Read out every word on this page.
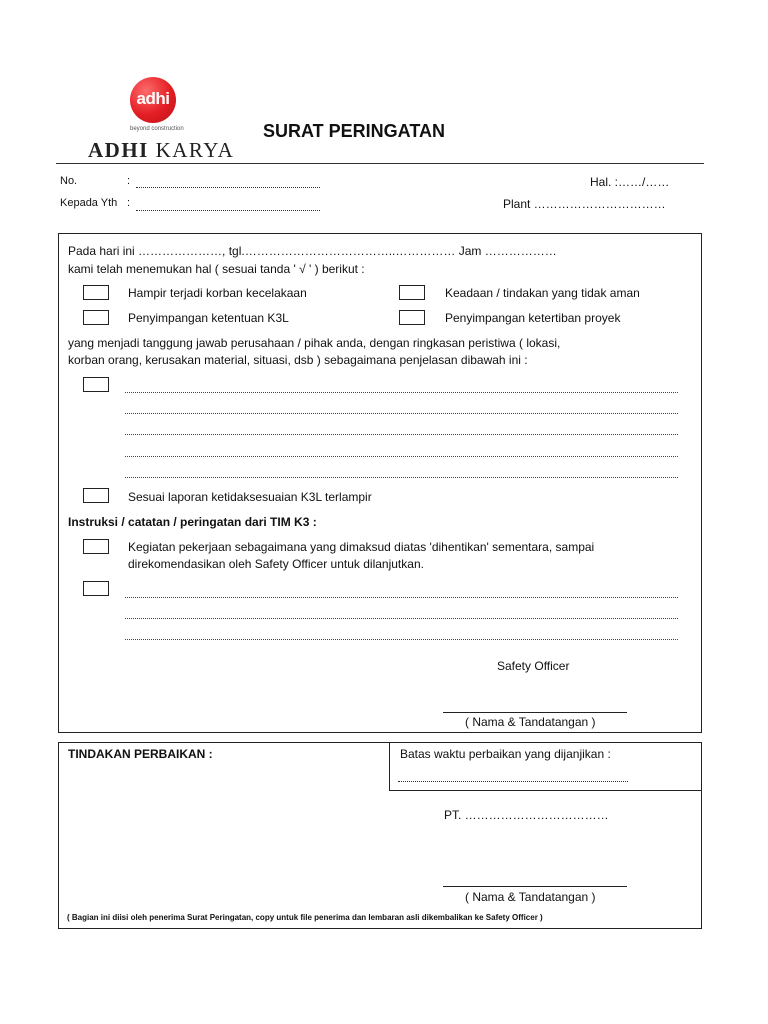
adhi
beyond construction
ADHI KARYA
SURAT PERINGATAN
No.	:
Kepada Yth :
Hal. :……/……
Plant ……………………………
Pada hari ini …………………, tgl.………………………………..…………… Jam ………………
kami telah menemukan hal ( sesuai tanda ' √ ' ) berikut :
Hampir terjadi korban kecelakaan	Keadaan / tindakan yang tidak aman
Penyimpangan ketentuan K3L	Penyimpangan ketertiban proyek
yang menjadi tanggung jawab perusahaan / pihak anda, dengan ringkasan peristiwa ( lokasi,
korban orang, kerusakan material, situasi, dsb ) sebagaimana penjelasan dibawah ini :
Sesuai laporan ketidaksesuaian K3L terlampir
Instruksi / catatan / peringatan dari TIM K3 :
Kegiatan pekerjaan sebagaimana yang dimaksud diatas 'dihentikan' sementara, sampai
direkomendasikan oleh Safety Officer untuk dilanjutkan.
Safety Officer
( Nama & Tandatangan )
TINDAKAN PERBAIKAN :	Batas waktu perbaikan yang dijanjikan :
PT. ………………………………
( Nama & Tandatangan )
( Bagian ini diisi oleh penerima Surat Peringatan, copy untuk file penerima dan lembaran asli dikembalikan ke Safety Officer )
